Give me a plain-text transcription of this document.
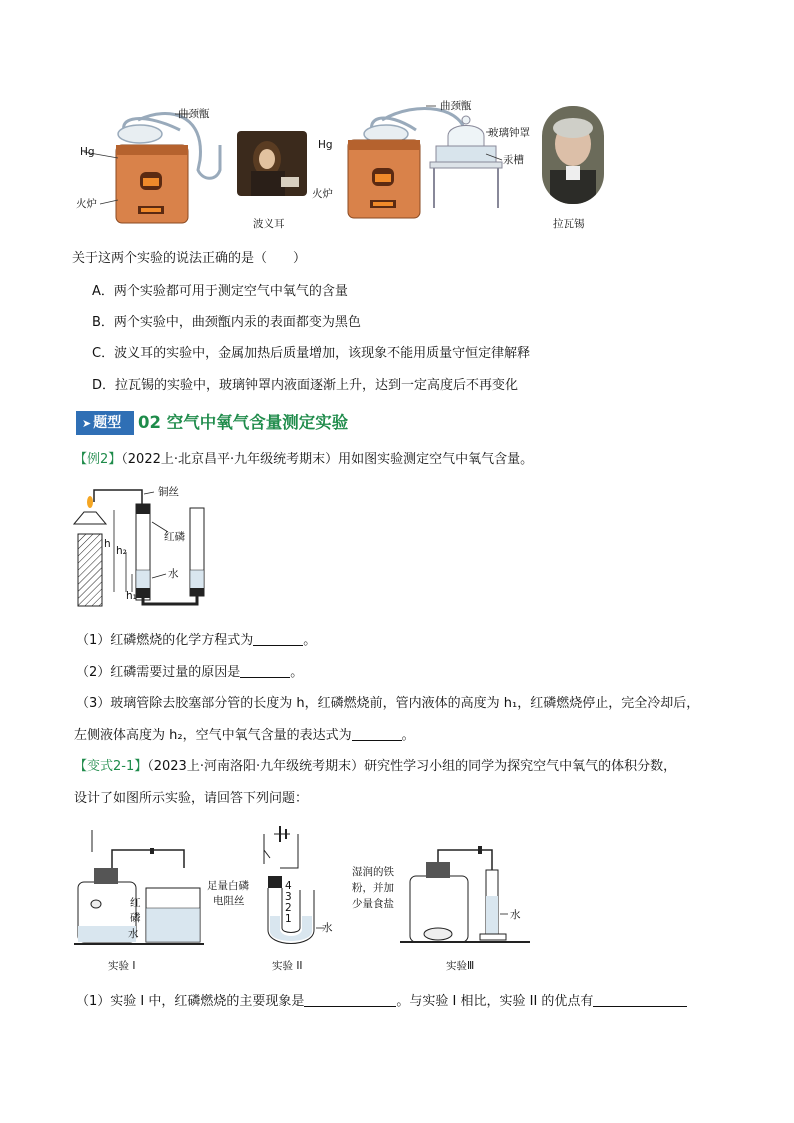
曲颈甑
Hg
火炉
波义耳
曲颈甑
玻璃钟罩
汞槽
Hg
火炉
拉瓦锡
关于这两个实验的说法正确的是（　　）
A．两个实验都可用于测定空气中氧气的含量
B．两个实验中，曲颈甑内汞的表面都变为黑色
C．波义耳的实验中，金属加热后质量增加，该现象不能用质量守恒定律解释
D．拉瓦锡的实验中，玻璃钟罩内液面逐渐上升，达到一定高度后不再变化
➤ 题型	02 空气中氧气含量测定实验
【例2】（2022上·北京昌平·九年级统考期末）用如图实验测定空气中氧气含量。
铜丝
红磷
水
h
h₂
h₁
（1）红磷燃烧的化学方程式为	。
（2）红磷需要过量的原因是	。
（3）玻璃管除去胶塞部分管的长度为 h，红磷燃烧前，管内液体的高度为 h₁，红磷燃烧停止，完全冷却后，
左侧液体高度为 h₂，空气中氧气含量的表达式为	。
【变式2-1】（2023上·河南洛阳·九年级统考期末）研究性学习小组的同学为探究空气中氧气的体积分数，
设计了如图所示实验，请回答下列问题：
红
磷
水
实验 I
足量白磷
电阻丝
水
4
3
2
1
实验 II
湿润的铁
粉，并加
少量食盐
水
实验Ⅲ
（1）实验 I 中，红磷燃烧的主要现象是	。与实验 I 相比，实验 II 的优点有
